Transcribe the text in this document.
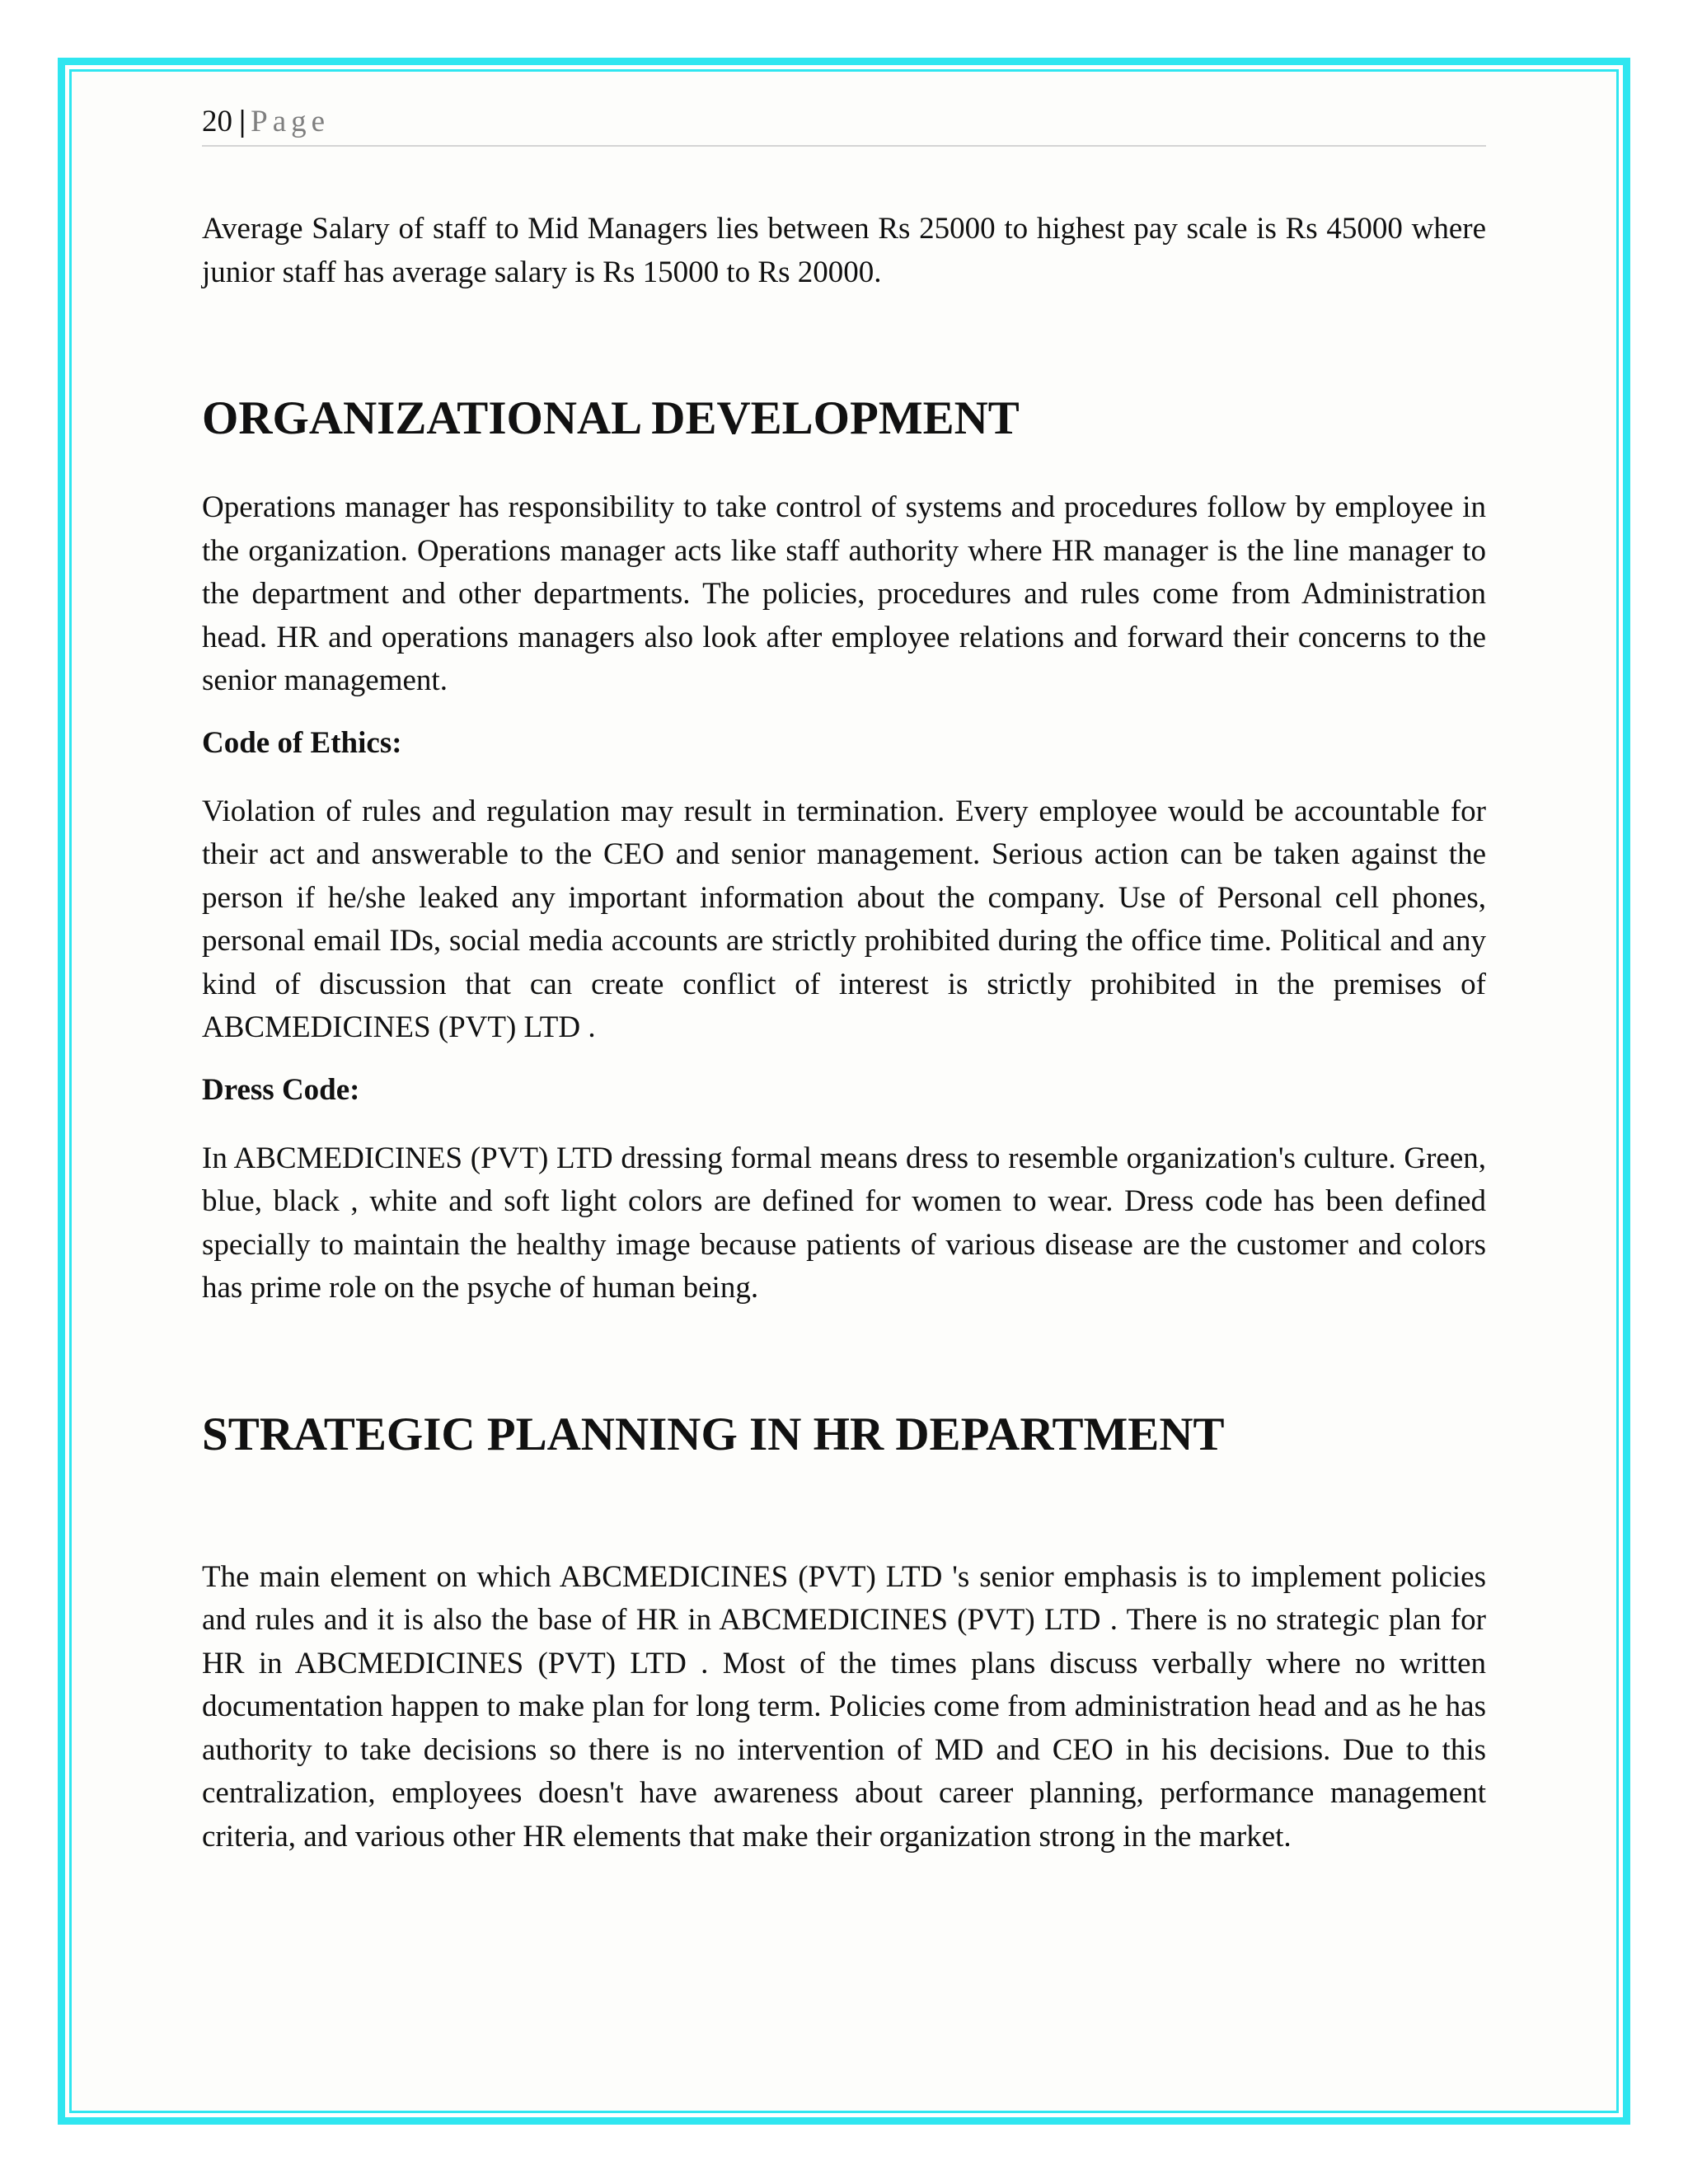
20 | Page

Average Salary of staff to Mid Managers lies between Rs 25000 to highest pay scale is Rs 45000 where junior staff has average salary is Rs 15000 to Rs 20000.

ORGANIZATIONAL DEVELOPMENT

Operations manager has responsibility to take control of systems and procedures follow by employee in the organization. Operations manager acts like staff authority where HR manager is the line manager to the department and other departments. The policies, procedures and rules come from Administration head. HR and operations managers also look after employee relations and forward their concerns to the senior management.

Code of Ethics:

Violation of rules and regulation may result in termination. Every employee would be accountable for their act and answerable to the CEO and senior management. Serious action can be taken against the person if he/she leaked any important information about the company. Use of Personal cell phones, personal email IDs, social media accounts are strictly prohibited during the office time. Political and any kind of discussion that can create conflict of interest is strictly prohibited in the premises of ABCMEDICINES (PVT) LTD .

Dress Code:

In ABCMEDICINES (PVT) LTD dressing formal means dress to resemble organization's culture. Green, blue, black , white and soft light colors are defined for women to wear. Dress code has been defined specially to maintain the healthy image because patients of various disease are the customer and colors has prime role on the psyche of human being.

STRATEGIC PLANNING IN HR DEPARTMENT

The main element on which ABCMEDICINES (PVT) LTD 's senior emphasis is to implement policies and rules and it is also the base of HR in ABCMEDICINES (PVT) LTD . There is no strategic plan for HR in ABCMEDICINES (PVT) LTD . Most of the times plans discuss verbally where no written documentation happen to make plan for long term. Policies come from administration head and as he has authority to take decisions so there is no intervention of MD and CEO in his decisions. Due to this centralization, employees doesn't have awareness about career planning, performance management criteria, and various other HR elements that make their organization strong in the market.
